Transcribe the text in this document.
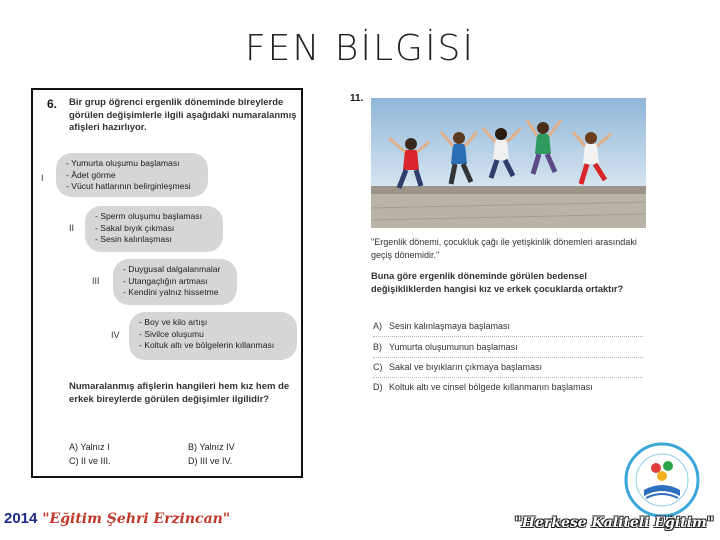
FEN BİLGİSİ
6. Bir grup öğrenci ergenlik döneminde bireylerde görülen değişimlerle ilgili aşağıdaki numaralanmış afişleri hazırlıyor.
I
- Yumurta oluşumu başlaması
- Âdet görme
- Vücut hatlarının belirginleşmesi
II
- Sperm oluşumu başlaması
- Sakal bıyık çıkması
- Sesin kalınlaşması
III
- Duygusal dalgalanmalar
- Utangaçlığın artması
- Kendini yalnız hissetme
IV
- Boy ve kilo artışı
- Sivilce oluşumu
- Koltuk altı ve bölgelerin kıllanması
Numaralanmış afişlerin hangileri hem kız hem de erkek bireylerde görülen değişimler ilgilidir?
A) Yalnız I	B) Yalnız IV
C) II ve III.	D) III ve IV.
11.
"Ergenlik dönemi, çocukluk çağı ile yetişkinlik dönemleri arasındaki geçiş dönemidir."
Buna göre ergenlik döneminde görülen bedensel değişikliklerden hangisi kız ve erkek çocuklarda ortaktır?
A) Sesin kalınlaşmaya başlaması
B) Yumurta oluşumunun başlaması
C) Sakal ve bıyıkların çıkmaya başlaması
D) Koltuk altı ve cinsel bölgede kıllanmanın başlaması
2014 "Eğitim Şehri Erzincan"	"Herkese Kaliteli Eğitim"
